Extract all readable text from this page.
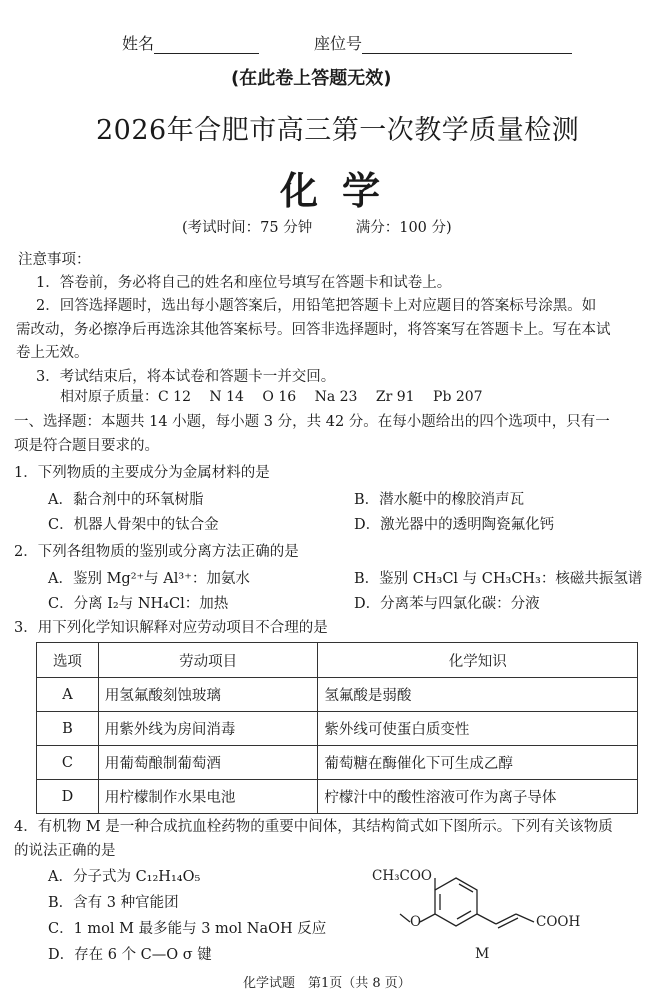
姓名	座位号
(在此卷上答题无效)
2026年合肥市高三第一次教学质量检测
化学
(考试时间：75 分钟　　　满分：100 分)
注意事项：
1．答卷前，务必将自己的姓名和座位号填写在答题卡和试卷上。
2．回答选择题时，选出每小题答案后，用铅笔把答题卡上对应题目的答案标号涂黑。如
需改动，务必擦净后再选涂其他答案标号。回答非选择题时，将答案写在答题卡上。写在本试
卷上无效。
3．考试结束后，将本试卷和答题卡一并交回。
相对原子质量：C 12　 N 14　 O 16　 Na 23　 Zr 91　 Pb 207
一、选择题：本题共 14 小题，每小题 3 分，共 42 分。在每小题给出的四个选项中，只有一
项是符合题目要求的。
1．下列物质的主要成分为金属材料的是
A．黏合剂中的环氧树脂	B．潜水艇中的橡胶消声瓦
C．机器人骨架中的钛合金	D．激光器中的透明陶瓷氟化钙
2．下列各组物质的鉴别或分离方法正确的是
A．鉴别 Mg²⁺与 Al³⁺：加氨水	B．鉴别 CH₃Cl 与 CH₃CH₃：核磁共振氢谱
C．分离 I₂与 NH₄Cl：加热	D．分离苯与四氯化碳：分液
3．用下列化学知识解释对应劳动项目不合理的是
选项	劳动项目	化学知识
A	用氢氟酸刻蚀玻璃	氢氟酸是弱酸
B	用紫外线为房间消毒	紫外线可使蛋白质变性
C	用葡萄酿制葡萄酒	葡萄糖在酶催化下可生成乙醇
D	用柠檬制作水果电池	柠檬汁中的酸性溶液可作为离子导体
4．有机物 M 是一种合成抗血栓药物的重要中间体，其结构简式如下图所示。下列有关该物质
的说法正确的是
A．分子式为 C₁₂H₁₄O₅
B．含有 3 种官能团
C．1 mol M 最多能与 3 mol NaOH 反应
D．存在 6 个 C—O σ 键
CH₃COO
O	COOH
M
化学试题　第1页（共 8 页）
